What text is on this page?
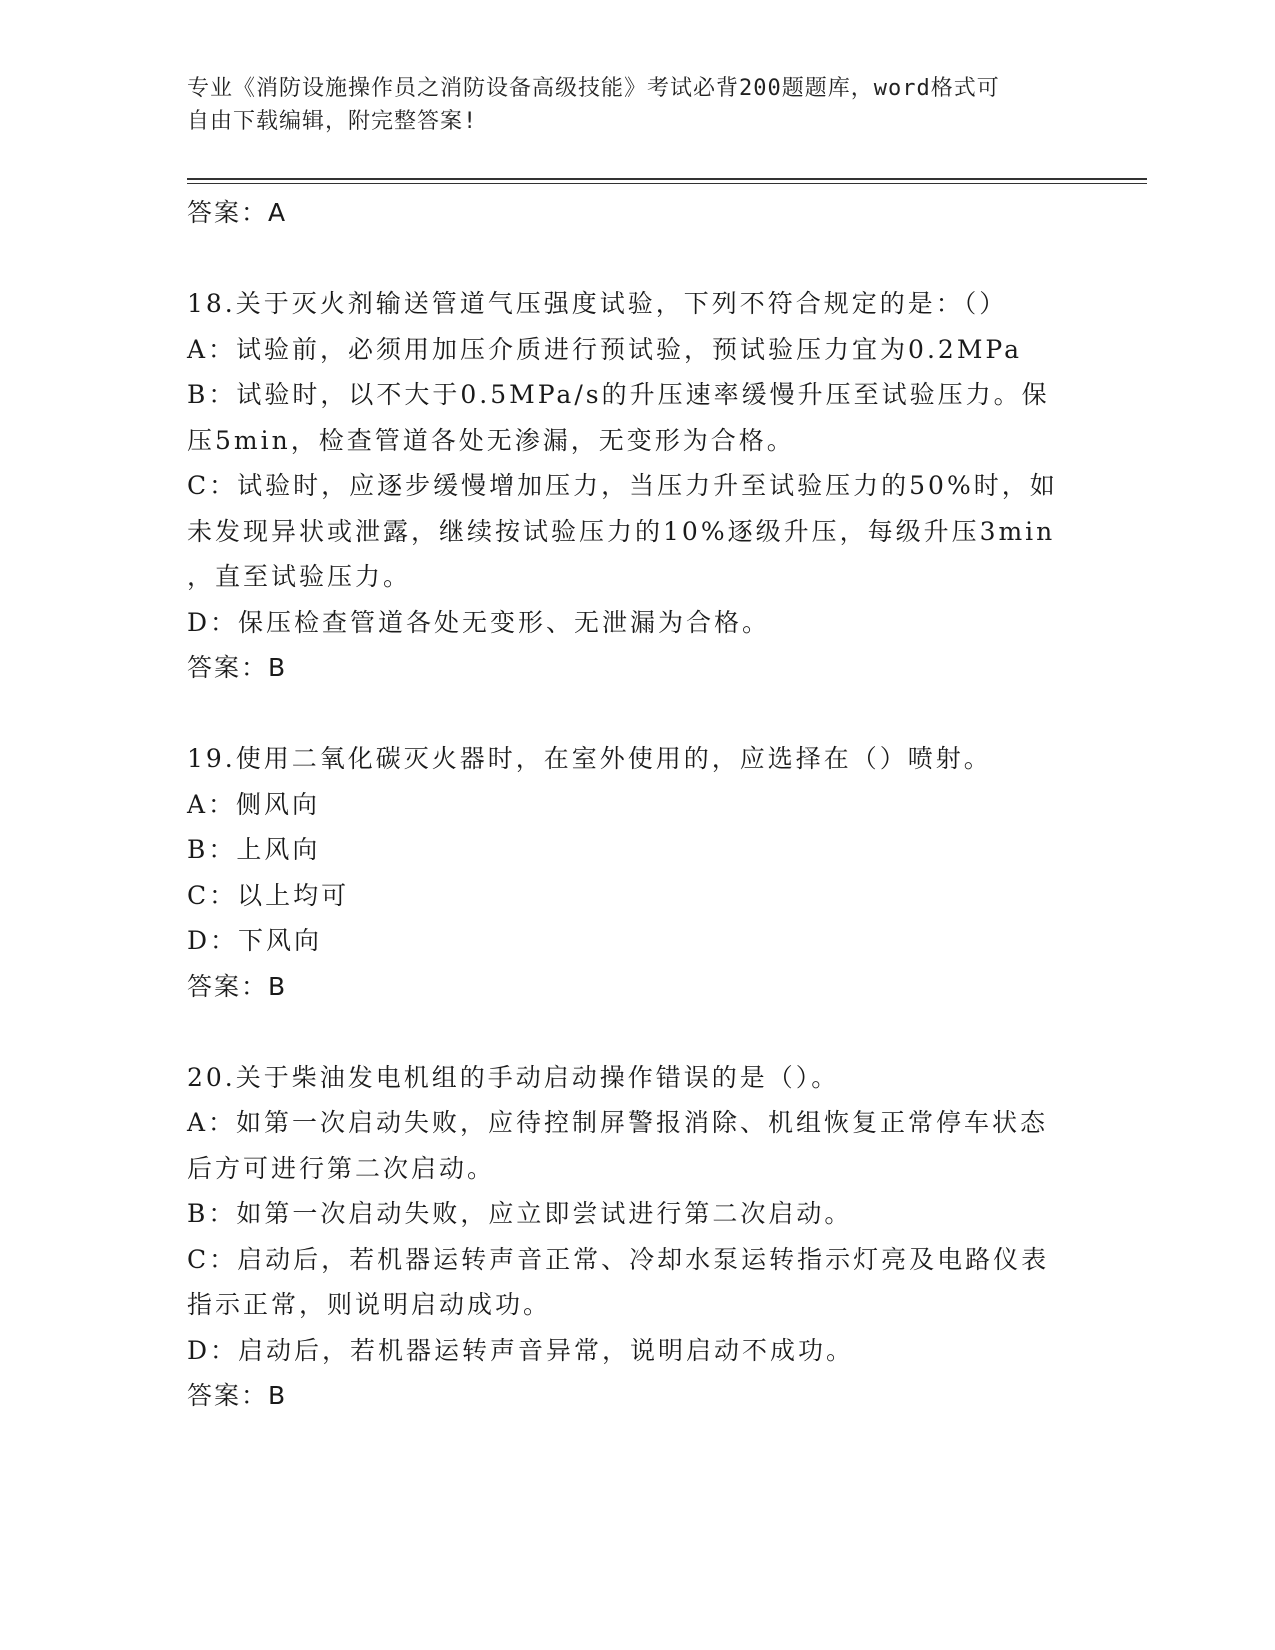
专业《消防设施操作员之消防设备高级技能》考试必背200题题库，word格式可
自由下载编辑，附完整答案!
答案：A
18.关于灭火剂输送管道气压强度试验，下列不符合规定的是：（）
A：试验前，必须用加压介质进行预试验，预试验压力宜为0.2MPa
B：试验时，以不大于0.5MPa/s的升压速率缓慢升压至试验压力。保
压5min，检查管道各处无渗漏，无变形为合格。
C：试验时，应逐步缓慢增加压力，当压力升至试验压力的50%时，如
未发现异状或泄露，继续按试验压力的10%逐级升压，每级升压3min
，直至试验压力。
D：保压检查管道各处无变形、无泄漏为合格。
答案：B
19.使用二氧化碳灭火器时，在室外使用的，应选择在（）喷射。
A：侧风向
B：上风向
C：以上均可
D：下风向
答案：B
20.关于柴油发电机组的手动启动操作错误的是（）。
A：如第一次启动失败，应待控制屏警报消除、机组恢复正常停车状态
后方可进行第二次启动。
B：如第一次启动失败，应立即尝试进行第二次启动。
C：启动后，若机器运转声音正常、冷却水泵运转指示灯亮及电路仪表
指示正常，则说明启动成功。
D：启动后，若机器运转声音异常，说明启动不成功。
答案：B
